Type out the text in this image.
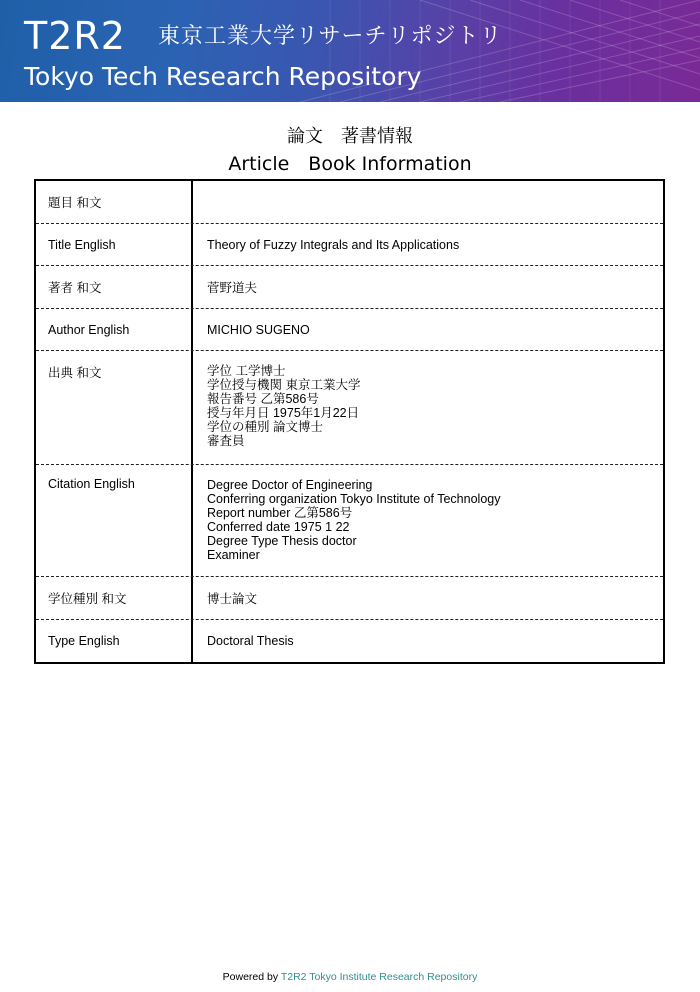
T2R2 東京工業大学リサーチリポジトリ
Tokyo Tech Research Repository
論文　著書情報
Article　Book Information
題目 和文
Title English	Theory of Fuzzy Integrals and Its Applications
著者 和文	菅野道夫
Author English	MICHIO SUGENO
出典 和文	学位 工学博士
学位授与機関 東京工業大学
報告番号 乙第586号
授与年月日 1975年1月22日
学位の種別 論文博士
審査員
Citation English	Degree Doctor of Engineering
Conferring organization Tokyo Institute of Technology
Report number 乙第586号
Conferred date 1975 1 22
Degree Type Thesis doctor
Examiner
学位種別 和文	博士論文
Type English	Doctoral Thesis
Powered by T2R2 Tokyo Institute Research Repository
